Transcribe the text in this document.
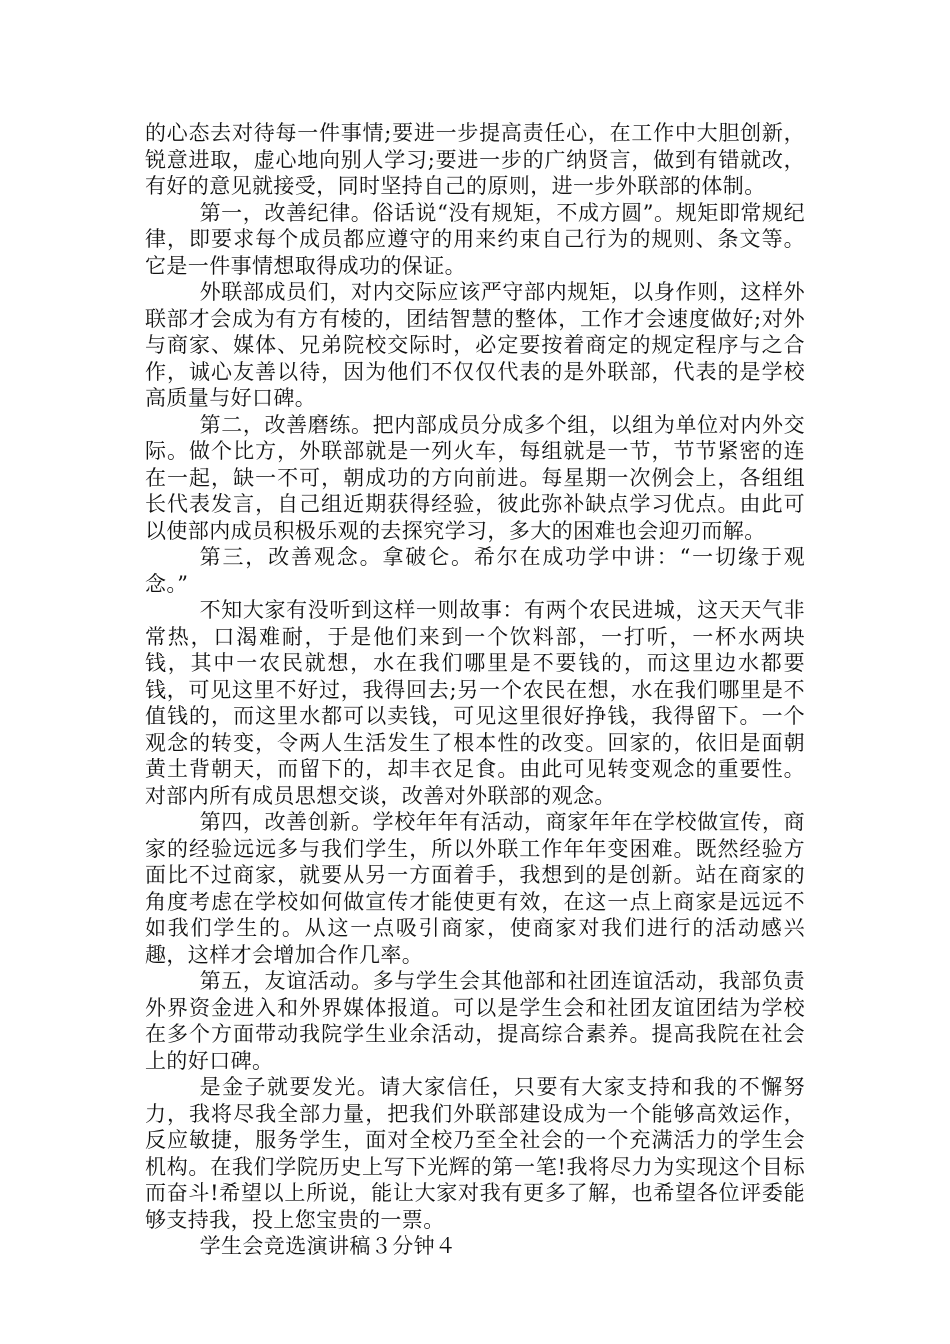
的心态去对待每一件事情;要进一步提高责任心，在工作中大胆创新，锐意进取，虚心地向别人学习;要进一步的广纳贤言，做到有错就改，有好的意见就接受，同时坚持自己的原则，进一步外联部的体制。

第一，改善纪律。俗话说“没有规矩，不成方圆”。规矩即常规纪律，即要求每个成员都应遵守的用来约束自己行为的规则、条文等。它是一件事情想取得成功的保证。

外联部成员们，对内交际应该严守部内规矩，以身作则，这样外联部才会成为有方有棱的，团结智慧的整体，工作才会速度做好;对外与商家、媒体、兄弟院校交际时，必定要按着商定的规定程序与之合作，诚心友善以待，因为他们不仅仅代表的是外联部，代表的是学校高质量与好口碑。

第二，改善磨练。把内部成员分成多个组，以组为单位对内外交际。做个比方，外联部就是一列火车，每组就是一节，节节紧密的连在一起，缺一不可，朝成功的方向前进。每星期一次例会上，各组组长代表发言，自己组近期获得经验，彼此弥补缺点学习优点。由此可以使部内成员积极乐观的去探究学习，多大的困难也会迎刃而解。

第三，改善观念。拿破仑。希尔在成功学中讲：“一切缘于观念。”

不知大家有没听到这样一则故事：有两个农民进城，这天天气非常热，口渴难耐，于是他们来到一个饮料部，一打听，一杯水两块钱，其中一农民就想，水在我们哪里是不要钱的，而这里边水都要钱，可见这里不好过，我得回去;另一个农民在想，水在我们哪里是不值钱的，而这里水都可以卖钱，可见这里很好挣钱，我得留下。一个观念的转变，令两人生活发生了根本性的改变。回家的，依旧是面朝黄土背朝天，而留下的，却丰衣足食。由此可见转变观念的重要性。对部内所有成员思想交谈，改善对外联部的观念。

第四，改善创新。学校年年有活动，商家年年在学校做宣传，商家的经验远远多与我们学生，所以外联工作年年变困难。既然经验方面比不过商家，就要从另一方面着手，我想到的是创新。站在商家的角度考虑在学校如何做宣传才能使更有效，在这一点上商家是远远不如我们学生的。从这一点吸引商家，使商家对我们进行的活动感兴趣，这样才会增加合作几率。

第五，友谊活动。多与学生会其他部和社团连谊活动，我部负责外界资金进入和外界媒体报道。可以是学生会和社团友谊团结为学校在多个方面带动我院学生业余活动，提高综合素养。提高我院在社会上的好口碑。

是金子就要发光。请大家信任，只要有大家支持和我的不懈努力，我将尽我全部力量，把我们外联部建设成为一个能够高效运作，反应敏捷，服务学生，面对全校乃至全社会的一个充满活力的学生会机构。在我们学院历史上写下光辉的第一笔!我将尽力为实现这个目标而奋斗!希望以上所说，能让大家对我有更多了解，也希望各位评委能够支持我，投上您宝贵的一票。

学生会竞选演讲稿３分钟４
